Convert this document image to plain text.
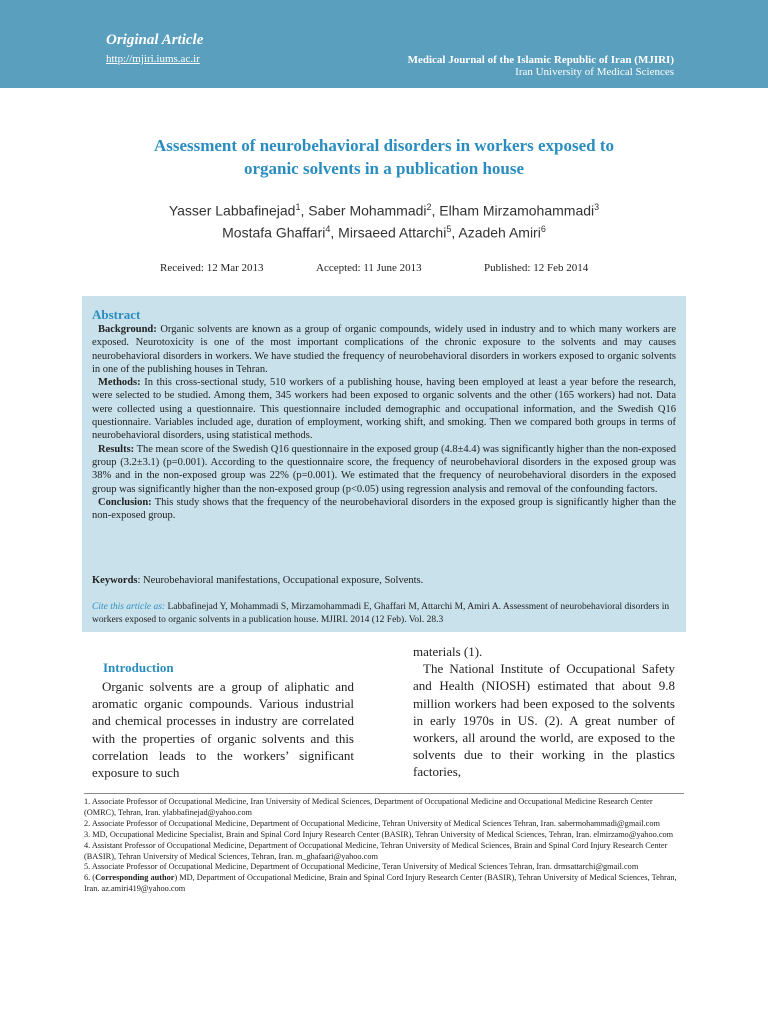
Original Article
http://mjiri.iums.ac.ir	Medical Journal of the Islamic Republic of Iran (MJIRI)
Iran University of Medical Sciences
Assessment of neurobehavioral disorders in workers exposed to
organic solvents in a publication house
Yasser Labbafinejad$^1$, Saber Mohammadi$^2$, Elham Mirzamohammadi$^3$
Mostafa Ghaffari$^4$, Mirsaeed Attarchi$^5$, Azadeh Amiri$^6$
Received: 12 Mar 2013	Accepted: 11 June 2013	Published: 12 Feb 2014
Abstract

Background: Organic solvents are known as a group of organic compounds, widely used in industry and to which many workers are exposed. Neurotoxicity is one of the most important complications of the chronic exposure to the solvents and may causes neurobehavioral disorders in workers. We have studied the frequency of neurobehavioral disorders in workers exposed to organic solvents in one of the publishing houses in Tehran.

Methods: In this cross-sectional study, 510 workers of a publishing house, having been employed at least a year before the research, were selected to be studied. Among them, 345 workers had been exposed to organic solvents and the other (165 workers) had not. Data were collected using a questionnaire. This questionnaire included demographic and occupational information, and the Swedish Q16 questionnaire. Variables included age, duration of employment, working shift, and smoking. Then we compared both groups in terms of neurobehavioral disorders, using statistical methods.

Results: The mean score of the Swedish Q16 questionnaire in the exposed group (4.8±4.4) was significantly higher than the non-exposed group (3.2±3.1) (p=0.001). According to the questionnaire score, the frequency of neurobehavioral disorders in the exposed group was 38% and in the non-exposed group was 22% (p=0.001). We estimated that the frequency of neurobehavioral disorders in the exposed group was significantly higher than the non-exposed group (p<0.05) using regression analysis and removal of the confounding factors.

Conclusion: This study shows that the frequency of the neurobehavioral disorders in the exposed group is significantly higher than the non-exposed group.

Keywords: Neurobehavioral manifestations, Occupational exposure, Solvents.
Cite this article as: Labbafinejad Y, Mohammadi S, Mirzamohammadi E, Ghaffari M, Attarchi M, Amiri A. Assessment of neurobehavioral disorders in workers exposed to organic solvents in a publication house. MJIRI. 2014 (12 Feb). Vol. 28.3
Introduction

Organic solvents are a group of aliphatic and aromatic organic compounds. Various industrial and chemical processes in industry are correlated with the properties of organic solvents and this correlation leads to the workers’ significant exposure to such

materials (1).

The National Institute of Occupational Safety and Health (NIOSH) estimated that about 9.8 million workers had been exposed to the solvents in early 1970s in US. (2). A great number of workers, all around the world, are exposed to the solvents due to their working in the plastics factories,

1. Associate Professor of Occupational Medicine, Iran University of Medical Sciences, Department of Occupational Medicine and Occupational Medicine Research Center (OMRC), Tehran, Iran. ylabbafinejad@yahoo.com

2. Associate Professor of Occupational Medicine, Department of Occupational Medicine, Tehran University of Medical Sciences Tehran, Iran. sabermohammadi@gmail.com

3. MD, Occupational Medicine Specialist, Brain and Spinal Cord Injury Research Center (BASIR), Tehran University of Medical Sciences, Tehran, Iran. elmirzamo@yahoo.com

4. Assistant Professor of Occupational Medicine, Department of Occupational Medicine, Tehran University of Medical Sciences, Brain and Spinal Cord Injury Research Center (BASIR), Tehran University of Medical Sciences, Tehran, Iran. m_ghafaari@yahoo.com

5. Associate Professor of Occupational Medicine, Department of Occupational Medicine, Teran University of Medical Sciences Tehran, Iran. drmsattarchi@gmail.com

6. (Corresponding author) MD, Department of Occupational Medicine, Brain and Spinal Cord Injury Research Center (BASIR), Tehran University of Medical Sciences, Tehran, Iran. az.amiri419@yahoo.com
